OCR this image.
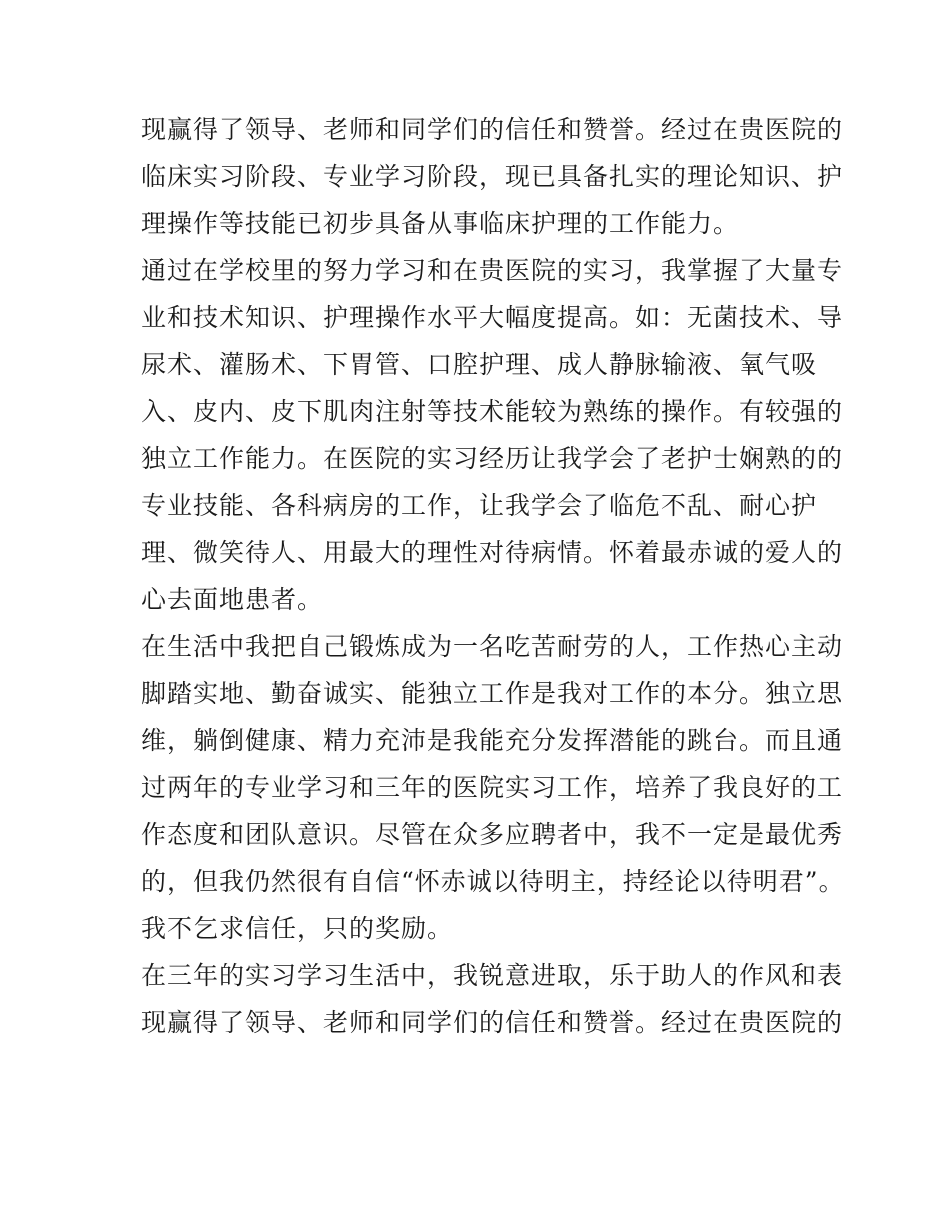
现赢得了领导、老师和同学们的信任和赞誉。经过在贵医院的
临床实习阶段、专业学习阶段，现已具备扎实的理论知识、护
理操作等技能已初步具备从事临床护理的工作能力。
通过在学校里的努力学习和在贵医院的实习，我掌握了大量专
业和技术知识、护理操作水平大幅度提高。如：无菌技术、导
尿术、灌肠术、下胃管、口腔护理、成人静脉输液、氧气吸
入、皮内、皮下肌肉注射等技术能较为熟练的操作。有较强的
独立工作能力。在医院的实习经历让我学会了老护士娴熟的的
专业技能、各科病房的工作，让我学会了临危不乱、耐心护
理、微笑待人、用最大的理性对待病情。怀着最赤诚的爱人的
心去面地患者。
在生活中我把自己锻炼成为一名吃苦耐劳的人，工作热心主动
脚踏实地、勤奋诚实、能独立工作是我对工作的本分。独立思
维，躺倒健康、精力充沛是我能充分发挥潜能的跳台。而且通
过两年的专业学习和三年的医院实习工作，培养了我良好的工
作态度和团队意识。尽管在众多应聘者中，我不一定是最优秀
的，但我仍然很有自信“怀赤诚以待明主，持经论以待明君”。
我不乞求信任，只的奖励。
在三年的实习学习生活中，我锐意进取，乐于助人的作风和表
现赢得了领导、老师和同学们的信任和赞誉。经过在贵医院的
